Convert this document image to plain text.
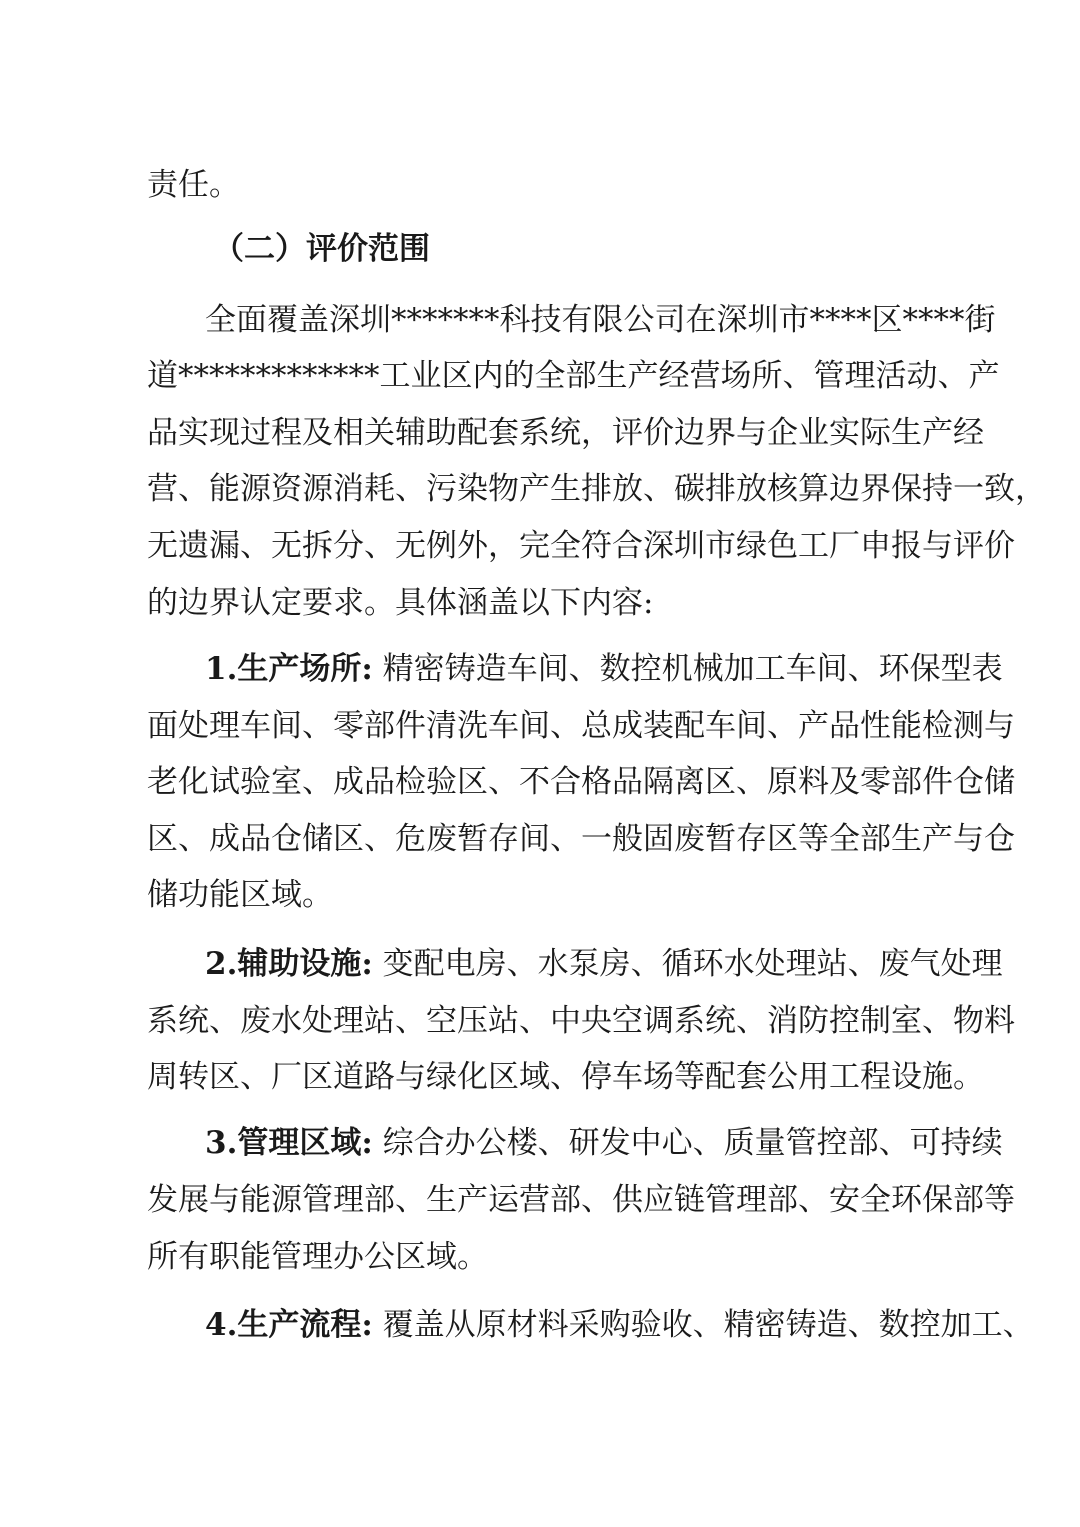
责任。
（二）评价范围
全面覆盖深圳*******科技有限公司在深圳市****区****街
道*************工业区内的全部生产经营场所、管理活动、产
品实现过程及相关辅助配套系统，评价边界与企业实际生产经
营、能源资源消耗、污染物产生排放、碳排放核算边界保持一致，
无遗漏、无拆分、无例外，完全符合深圳市绿色工厂申报与评价
的边界认定要求。具体涵盖以下内容:
1.生产场所: 精密铸造车间、数控机械加工车间、环保型表
面处理车间、零部件清洗车间、总成装配车间、产品性能检测与
老化试验室、成品检验区、不合格品隔离区、原料及零部件仓储
区、成品仓储区、危废暂存间、一般固废暂存区等全部生产与仓
储功能区域。
2.辅助设施: 变配电房、水泵房、循环水处理站、废气处理
系统、废水处理站、空压站、中央空调系统、消防控制室、物料
周转区、厂区道路与绿化区域、停车场等配套公用工程设施。
3.管理区域: 综合办公楼、研发中心、质量管控部、可持续
发展与能源管理部、生产运营部、供应链管理部、安全环保部等
所有职能管理办公区域。
4.生产流程: 覆盖从原材料采购验收、精密铸造、数控加工、
